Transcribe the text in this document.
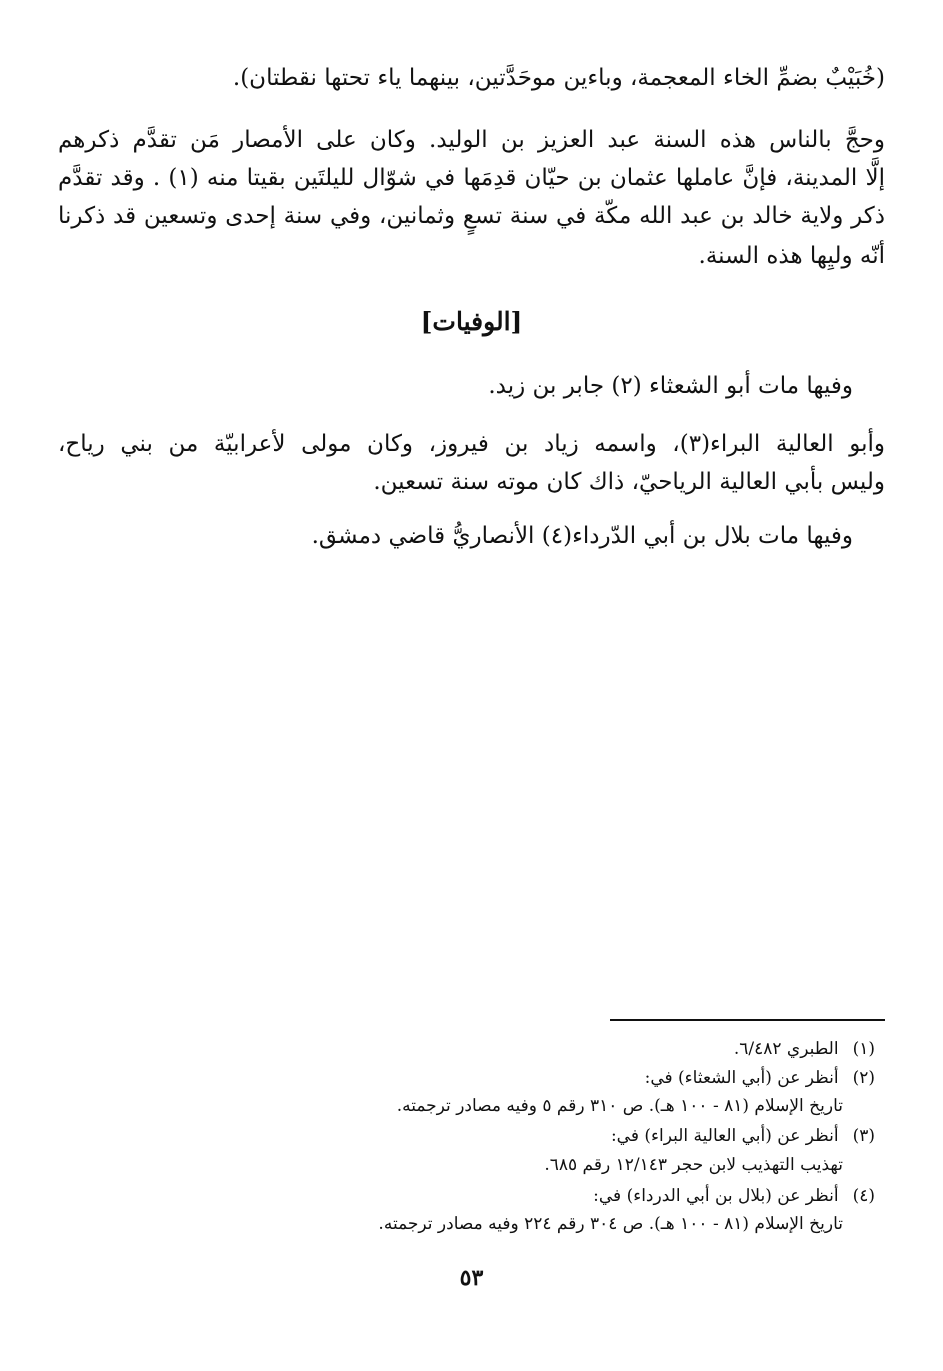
(خُبَيْبٌ بضمِّ الخاء المعجمة، وباءين موحَدَّتين، بينهما ياء تحتها نقطتان).
وحجَّ بالناس هذه السنة عبد العزيز بن الوليد. وكان على الأمصار مَن تقدَّم ذكرهم
إلَّا المدينة، فإنَّ عاملها عثمان بن حيّان قدِمَها في شوّال لليلتَين بقيتا منه (١) . وقد تقدَّم
ذكر ولاية خالد بن عبد الله مكّة في سنة تسعٍ وثمانين، وفي سنة إحدى وتسعين قد ذكرنا
أنّه وليِها هذه السنة.
[الوفيات]
وفيها مات أبو الشعثاء (٢) جابر بن زيد.
وأبو العالية البراء(٣)، واسمه زياد بن فيروز، وكان مولى لأعرابيّة من بني رياح،
وليس بأبي العالية الرياحيّ، ذاك كان موته سنة تسعين.
وفيها مات بلال بن أبي الدّرداء(٤) الأنصاريُّ قاضي دمشق.
(١)الطبري ٦/٤٨٢.
(٢)أنظر عن (أبي الشعثاء) في:
تاريخ الإسلام (٨١ - ١٠٠ هـ). ص ٣١٠ رقم ٥ وفيه مصادر ترجمته.
(٣)أنظر عن (أبي العالية البراء) في:
تهذيب التهذيب لابن حجر ١٢/١٤٣ رقم ٦٨٥.
(٤)أنظر عن (بلال بن أبي الدرداء) في:
تاريخ الإسلام (٨١ - ١٠٠ هـ). ص ٣٠٤ رقم ٢٢٤ وفيه مصادر ترجمته.
٥٣
